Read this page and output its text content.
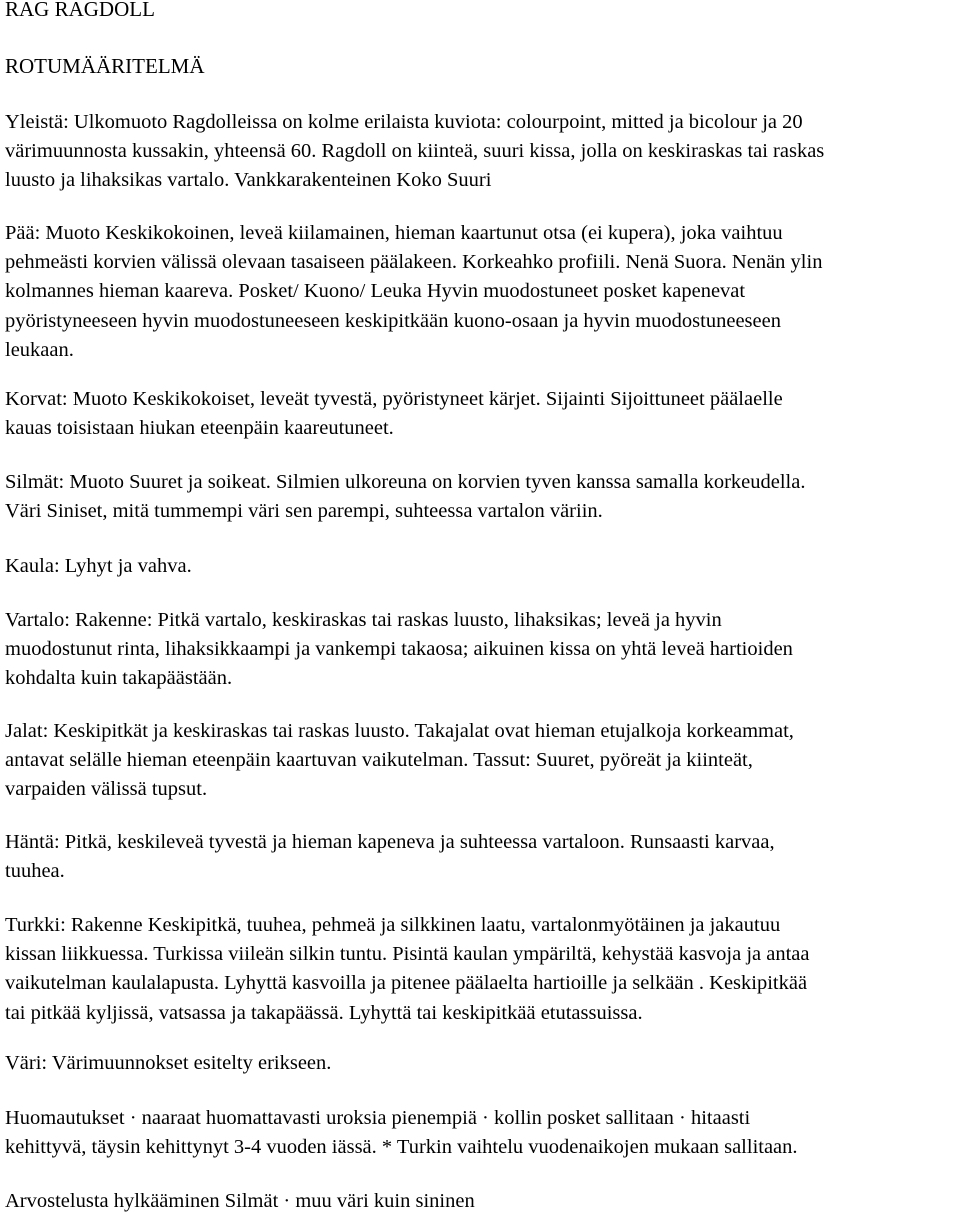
RAG RAGDOLL
ROTUMÄÄRITELMÄ

Yleistä: Ulkomuoto Ragdolleissa on kolme erilaista kuviota: colourpoint, mitted ja bicolour ja 20

värimuunnosta kussakin, yhteensä 60. Ragdoll on kiinteä, suuri kissa, jolla on keskiraskas tai raskas

luusto ja lihaksikas vartalo. Vankkarakenteinen Koko Suuri

Pää: Muoto Keskikokoinen, leveä kiilamainen, hieman kaartunut otsa (ei kupera), joka vaihtuu

pehmeästi korvien välissä olevaan tasaiseen päälakeen. Korkeahko profiili. Nenä Suora. Nenän ylin

kolmannes hieman kaareva. Posket/ Kuono/ Leuka Hyvin muodostuneet posket kapenevat

pyöristyneeseen hyvin muodostuneeseen keskipitkään kuono-osaan ja hyvin muodostuneeseen

leukaan.

Korvat: Muoto Keskikokoiset, leveät tyvestä, pyöristyneet kärjet. Sijainti Sijoittuneet päälaelle

kauas toisistaan hiukan eteenpäin kaareutuneet.

Silmät: Muoto Suuret ja soikeat. Silmien ulkoreuna on korvien tyven kanssa samalla korkeudella.

Väri Siniset, mitä tummempi väri sen parempi, suhteessa vartalon väriin.

Kaula: Lyhyt ja vahva.

Vartalo: Rakenne: Pitkä vartalo, keskiraskas tai raskas luusto, lihaksikas; leveä ja hyvin

muodostunut rinta, lihaksikkaampi ja vankempi takaosa; aikuinen kissa on yhtä leveä hartioiden

kohdalta kuin takapäästään.

Jalat: Keskipitkät ja keskiraskas tai raskas luusto. Takajalat ovat hieman etujalkoja korkeammat,

antavat selälle hieman eteenpäin kaartuvan vaikutelman. Tassut: Suuret, pyöreät ja kiinteät,

varpaiden välissä tupsut.

Häntä: Pitkä, keskileveä tyvestä ja hieman kapeneva ja suhteessa vartaloon. Runsaasti karvaa,

tuuhea.

Turkki: Rakenne Keskipitkä, tuuhea, pehmeä ja silkkinen laatu, vartalonmyötäinen ja jakautuu

kissan liikkuessa. Turkissa viileän silkin tuntu. Pisintä kaulan ympäriltä, kehystää kasvoja ja antaa

vaikutelman kaulalapusta. Lyhyttä kasvoilla ja pitenee päälaelta hartioille ja selkään . Keskipitkää

tai pitkää kyljissä, vatsassa ja takapäässä. Lyhyttä tai keskipitkää etutassuissa.

Väri: Värimuunnokset esitelty erikseen.

Huomautukset · naaraat huomattavasti uroksia pienempiä · kollin posket sallitaan · hitaasti

kehittyvä, täysin kehittynyt 3-4 vuoden iässä. * Turkin vaihtelu vuodenaikojen mukaan sallitaan.

Arvostelusta hylkääminen Silmät · muu väri kuin sininen
